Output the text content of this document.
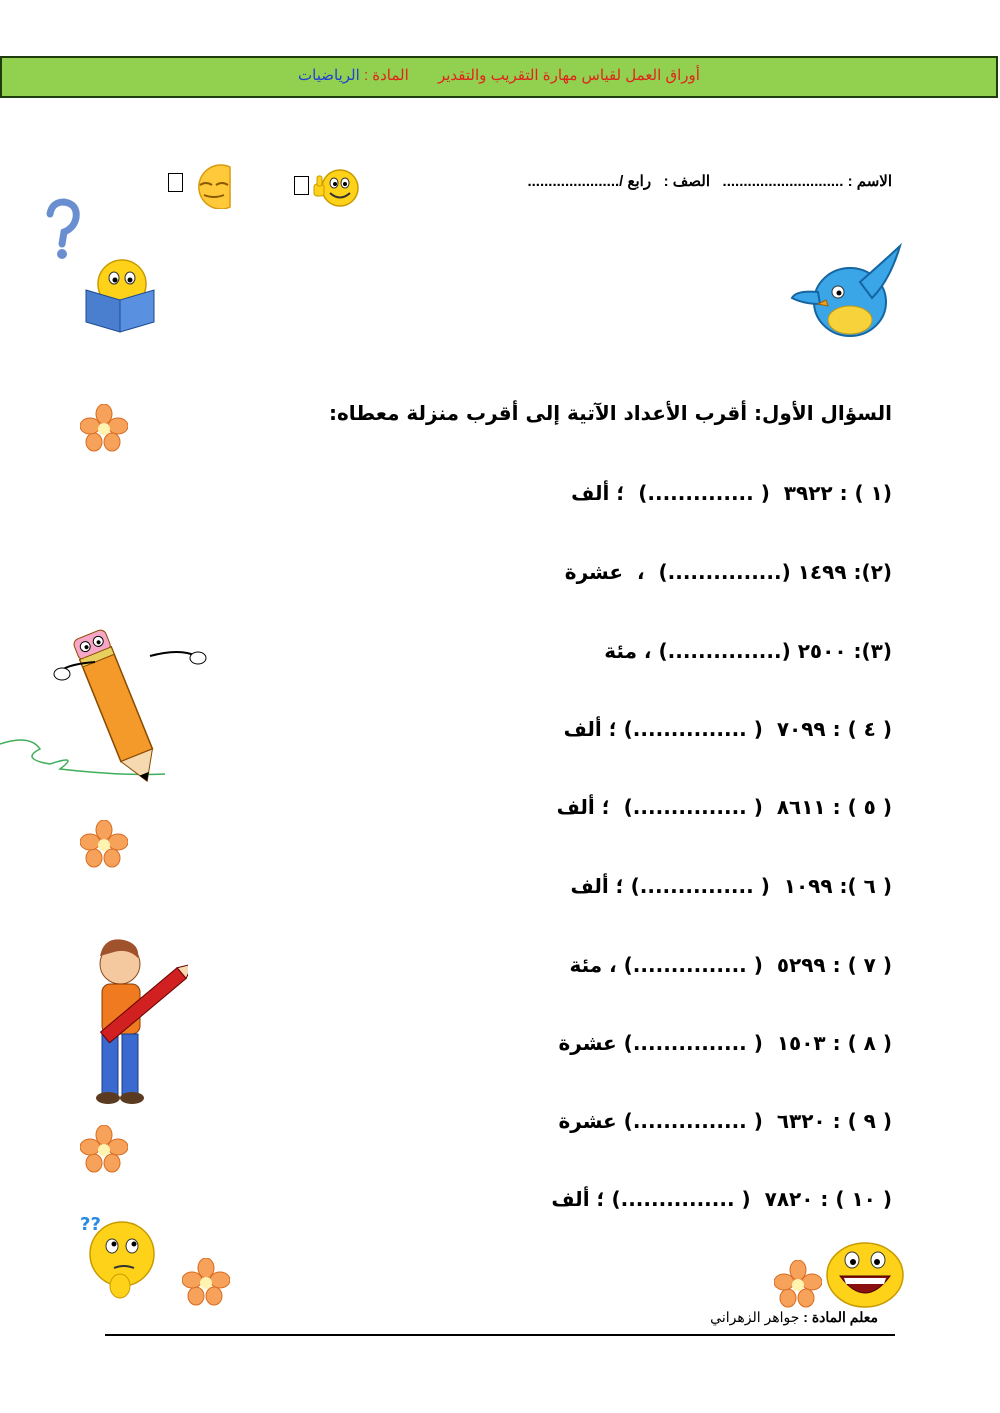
أوراق العمل لقياس مهارة التقريب والتقدير       المادة : الرياضيات
الاسم : .............................   الصف :   رابع /......................
??
السؤال الأول: أقرب الأعداد الآتية إلى أقرب منزلة معطاه:
(١ ) : ٣٩٢٢  ( ..............)  ؛ ألف
(٢): ١٤٩٩ (...............)  ،  عشرة
(٣): ٢٥٠٠ (...............) ، مئة
( ٤ ) : ٧٠٩٩  ( ...............) ؛ ألف
( ٥ ) : ٨٦١١  ( ...............)  ؛ ألف
( ٦ ): ١٠٩٩  ( ...............) ؛ ألف
( ٧ ) : ٥٢٩٩  ( ...............) ، مئة
( ٨ ) : ١٥٠٣  ( ...............) عشرة
( ٩ ) : ٦٣٢٠  ( ...............) عشرة
( ١٠ ) : ٧٨٢٠  ( ...............) ؛ ألف
معلم المادة : جواهر الزهراني
